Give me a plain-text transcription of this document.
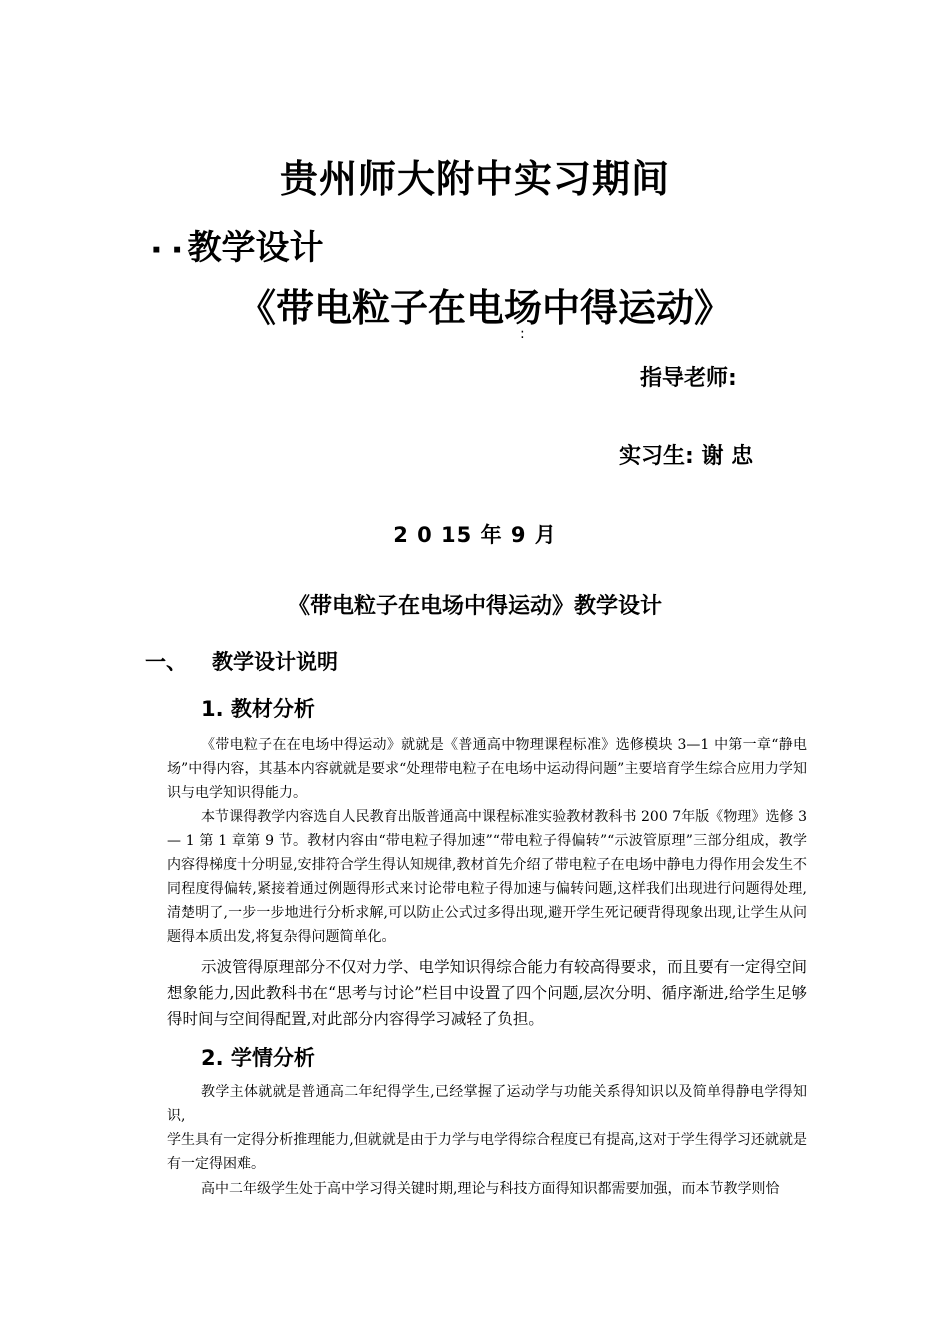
贵州师大附中实习期间
۰۰教学设计
《带电粒子在电场中得运动》
:
指导老师:
实习生: 谢 忠
2 0 15 年 9 月
《带电粒子在电场中得运动》教学设计
一、 教学设计说明
1. 教材分析
《带电粒子在在电场中得运动》就就是《普通高中物理课程标准》选修模块 3—1 中第一章“静电场”中得内容，其基本内容就就是要求“处理带电粒子在电场中运动得问题”主要培育学生综合应用力学知识与电学知识得能力。
本节课得教学内容选自人民教育出版普通高中课程标准实验教材教科书 200 7年版《物理》选修 3 — 1 第 1 章第 9 节。教材内容由“带电粒子得加速”“带电粒子得偏转”“示波管原理”三部分组成，教学内容得梯度十分明显,安排符合学生得认知规律,教材首先介绍了带电粒子在电场中静电力得作用会发生不同程度得偏转,紧接着通过例题得形式来讨论带电粒子得加速与偏转问题,这样我们出现进行问题得处理,清楚明了,一步一步地进行分析求解,可以防止公式过多得出现,避开学生死记硬背得现象出现,让学生从问题得本质出发,将复杂得问题简单化。
示波管得原理部分不仅对力学、电学知识得综合能力有较高得要求，而且要有一定得空间想象能力,因此教科书在“思考与讨论”栏目中设置了四个问题,层次分明、循序渐进,给学生足够得时间与空间得配置,对此部分内容得学习减轻了负担。
2. 学情分析
教学主体就就是普通高二年纪得学生,已经掌握了运动学与功能关系得知识以及简单得静电学得知识,
学生具有一定得分析推理能力,但就就是由于力学与电学得综合程度已有提高,这对于学生得学习还就就是有一定得困难。
高中二年级学生处于高中学习得关键时期,理论与科技方面得知识都需要加强，而本节教学则恰
